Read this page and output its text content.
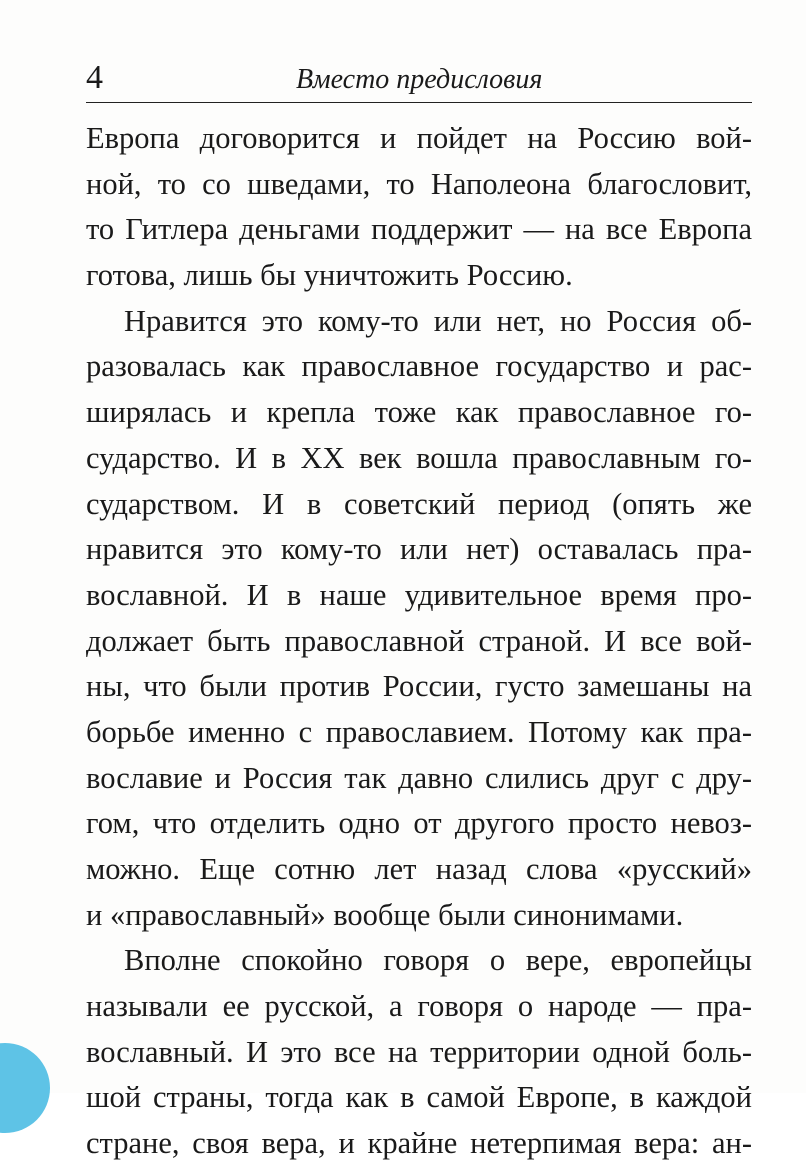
4	Вместо предисловия
Европа договорится и пойдет на Россию вой-
ной, то со шведами, то Наполеона благословит,
то Гитлера деньгами поддержит — на все Европа
готова, лишь бы уничтожить Россию.
Нравится это кому-то или нет, но Россия об-
разовалась как православное государство и рас-
ширялась и крепла тоже как православное го-
сударство. И в XX век вошла православным го-
сударством. И в советский период (опять же
нравится это кому-то или нет) оставалась пра-
вославной. И в наше удивительное время про-
должает быть православной страной. И все вой-
ны, что были против России, густо замешаны на
борьбе именно с православием. Потому как пра-
вославие и Россия так давно слились друг с дру-
гом, что отделить одно от другого просто невоз-
можно. Еще сотню лет назад слова «русский»
и «православный» вообще были синонимами.
Вполне спокойно говоря о вере, европейцы
называли ее русской, а говоря о народе — пра-
вославный. И это все на территории одной боль-
шой страны, тогда как в самой Европе, в каждой
стране, своя вера, и крайне нетерпимая вера: ан-
